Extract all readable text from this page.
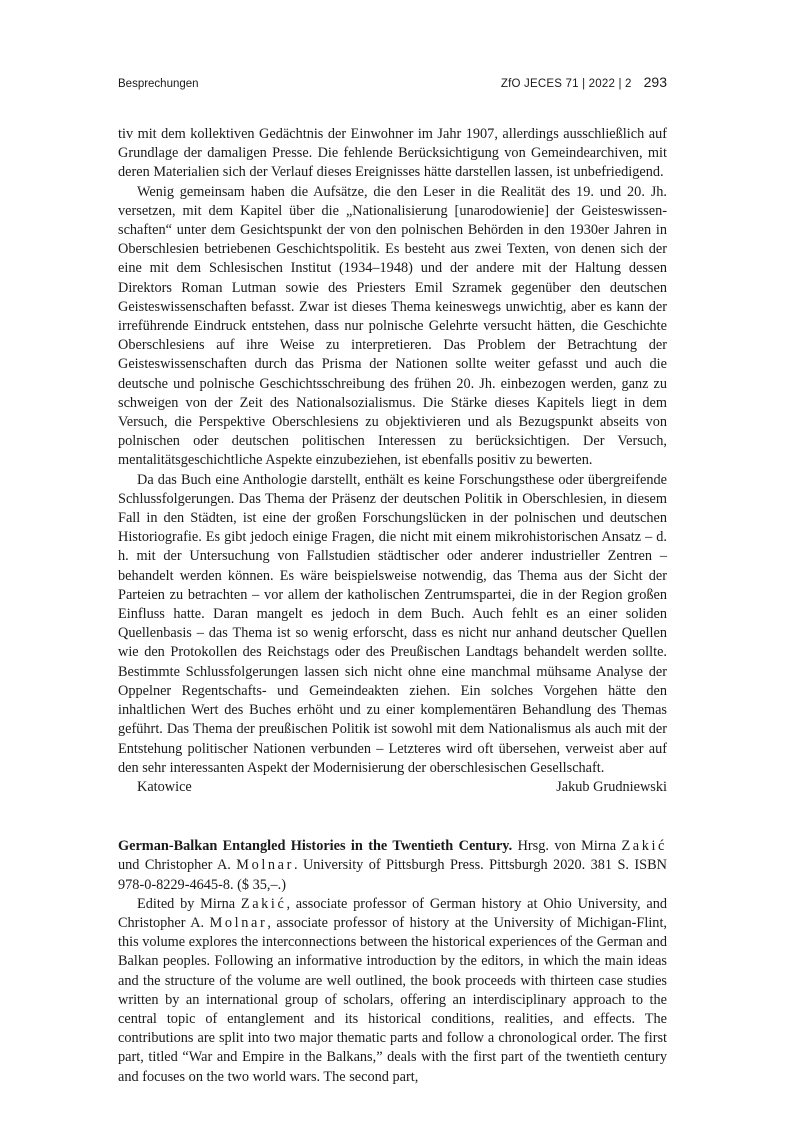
Besprechungen	ZfO JECES 71 | 2022 | 2 293

tiv mit dem kollektiven Gedächtnis der Einwohner im Jahr 1907, allerdings ausschließlich auf Grundlage der damaligen Presse. Die fehlende Berücksichtigung von Gemeindearchiven, mit deren Materialien sich der Verlauf dieses Ereignisses hätte darstellen lassen, ist unbefriedigend.

Wenig gemeinsam haben die Aufsätze, die den Leser in die Realität des 19. und 20. Jh. versetzen, mit dem Kapitel über die „Nationalisierung [unarodowienie] der Geisteswissenschaften“ unter dem Gesichtspunkt der von den polnischen Behörden in den 1930er Jahren in Oberschlesien betriebenen Geschichtspolitik. Es besteht aus zwei Texten, von denen sich der eine mit dem Schlesischen Institut (1934–1948) und der andere mit der Haltung dessen Direktors Roman Lutman sowie des Priesters Emil Szramek gegenüber den deutschen Geisteswissenschaften befasst. Zwar ist dieses Thema keineswegs unwichtig, aber es kann der irreführende Eindruck entstehen, dass nur polnische Gelehrte versucht hätten, die Geschichte Oberschlesiens auf ihre Weise zu interpretieren. Das Problem der Betrachtung der Geisteswissenschaften durch das Prisma der Nationen sollte weiter gefasst und auch die deutsche und polnische Geschichtsschreibung des frühen 20. Jh. einbezogen werden, ganz zu schweigen von der Zeit des Nationalsozialismus. Die Stärke dieses Kapitels liegt in dem Versuch, die Perspektive Oberschlesiens zu objektivieren und als Bezugspunkt abseits von polnischen oder deutschen politischen Interessen zu berücksichtigen. Der Versuch, mentalitätsgeschichtliche Aspekte einzubeziehen, ist ebenfalls positiv zu bewerten.

Da das Buch eine Anthologie darstellt, enthält es keine Forschungsthese oder übergreifende Schlussfolgerungen. Das Thema der Präsenz der deutschen Politik in Oberschlesien, in diesem Fall in den Städten, ist eine der großen Forschungslücken in der polnischen und deutschen Historiografie. Es gibt jedoch einige Fragen, die nicht mit einem mikrohistorischen Ansatz – d. h. mit der Untersuchung von Fallstudien städtischer oder anderer industrieller Zentren – behandelt werden können. Es wäre beispielsweise notwendig, das Thema aus der Sicht der Parteien zu betrachten – vor allem der katholischen Zentrumspartei, die in der Region großen Einfluss hatte. Daran mangelt es jedoch in dem Buch. Auch fehlt es an einer soliden Quellenbasis – das Thema ist so wenig erforscht, dass es nicht nur anhand deutscher Quellen wie den Protokollen des Reichstags oder des Preußischen Landtags behandelt werden sollte. Bestimmte Schlussfolgerungen lassen sich nicht ohne eine manchmal mühsame Analyse der Oppelner Regentschafts- und Gemeindeakten ziehen. Ein solches Vorgehen hätte den inhaltlichen Wert des Buches erhöht und zu einer komplementären Behandlung des Themas geführt. Das Thema der preußischen Politik ist sowohl mit dem Nationalismus als auch mit der Entstehung politischer Nationen verbunden – Letzteres wird oft übersehen, verweist aber auf den sehr interessanten Aspekt der Modernisierung der oberschlesischen Gesellschaft.

Katowice	Jakub Grudniewski

German-Balkan Entangled Histories in the Twentieth Century. Hrsg. von Mirna Zakić und Christopher A. Molnar. University of Pittsburgh Press. Pittsburgh 2020. 381 S. ISBN 978-0-8229-4645-8. ($ 35,–.)

Edited by Mirna Zakić, associate professor of German history at Ohio University, and Christopher A. Molnar, associate professor of history at the University of Michigan-Flint, this volume explores the interconnections between the historical experiences of the German and Balkan peoples. Following an informative introduction by the editors, in which the main ideas and the structure of the volume are well outlined, the book proceeds with thirteen case studies written by an international group of scholars, offering an interdisciplinary approach to the central topic of entanglement and its historical conditions, realities, and effects. The contributions are split into two major thematic parts and follow a chronological order. The first part, titled “War and Empire in the Balkans,” deals with the first part of the twentieth century and focuses on the two world wars. The second part,
